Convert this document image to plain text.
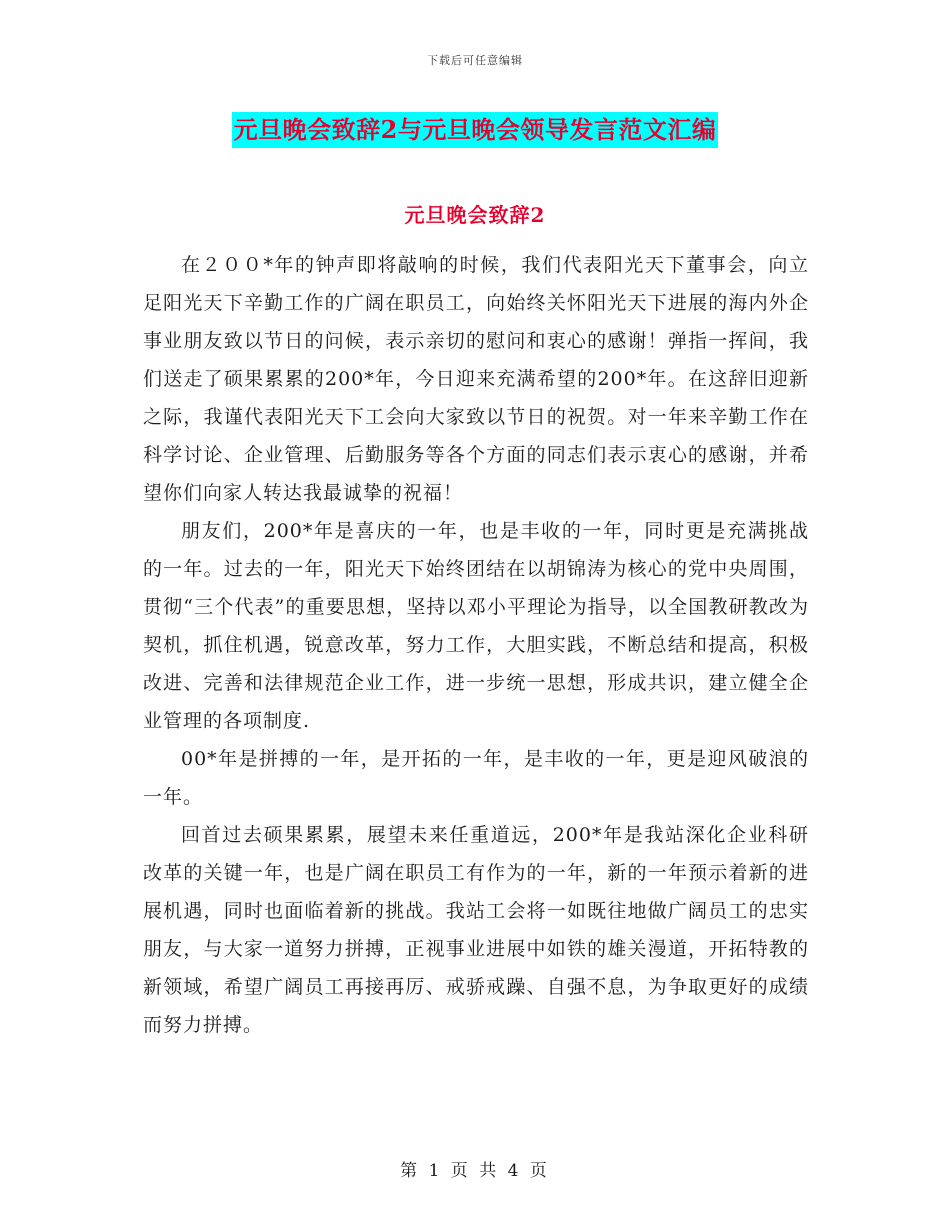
下载后可任意编辑
元旦晚会致辞2与元旦晚会领导发言范文汇编
元旦晚会致辞2

在２００*年的钟声即将敲响的时候，我们代表阳光天下董事会，向立足阳光天下辛勤工作的广阔在职员工，向始终关怀阳光天下进展的海内外企事业朋友致以节日的问候，表示亲切的慰问和衷心的感谢！弹指一挥间，我们送走了硕果累累的200*年，今日迎来充满希望的200*年。在这辞旧迎新之际，我谨代表阳光天下工会向大家致以节日的祝贺。对一年来辛勤工作在科学讨论、企业管理、后勤服务等各个方面的同志们表示衷心的感谢，并希望你们向家人转达我最诚挚的祝福！

朋友们，200*年是喜庆的一年，也是丰收的一年，同时更是充满挑战的一年。过去的一年，阳光天下始终团结在以胡锦涛为核心的党中央周围，贯彻“三个代表”的重要思想，坚持以邓小平理论为指导，以全国教研教改为契机，抓住机遇，锐意改革，努力工作，大胆实践，不断总结和提高，积极改进、完善和法律规范企业工作，进一步统一思想，形成共识，建立健全企业管理的各项制度.

00*年是拼搏的一年，是开拓的一年，是丰收的一年，更是迎风破浪的一年。

回首过去硕果累累，展望未来任重道远，200*年是我站深化企业科研改革的关键一年，也是广阔在职员工有作为的一年，新的一年预示着新的进展机遇，同时也面临着新的挑战。我站工会将一如既往地做广阔员工的忠实朋友，与大家一道努力拼搏，正视事业进展中如铁的雄关漫道，开拓特教的新领域，希望广阔员工再接再厉、戒骄戒躁、自强不息，为争取更好的成绩而努力拼搏。

第 1 页 共 4 页
